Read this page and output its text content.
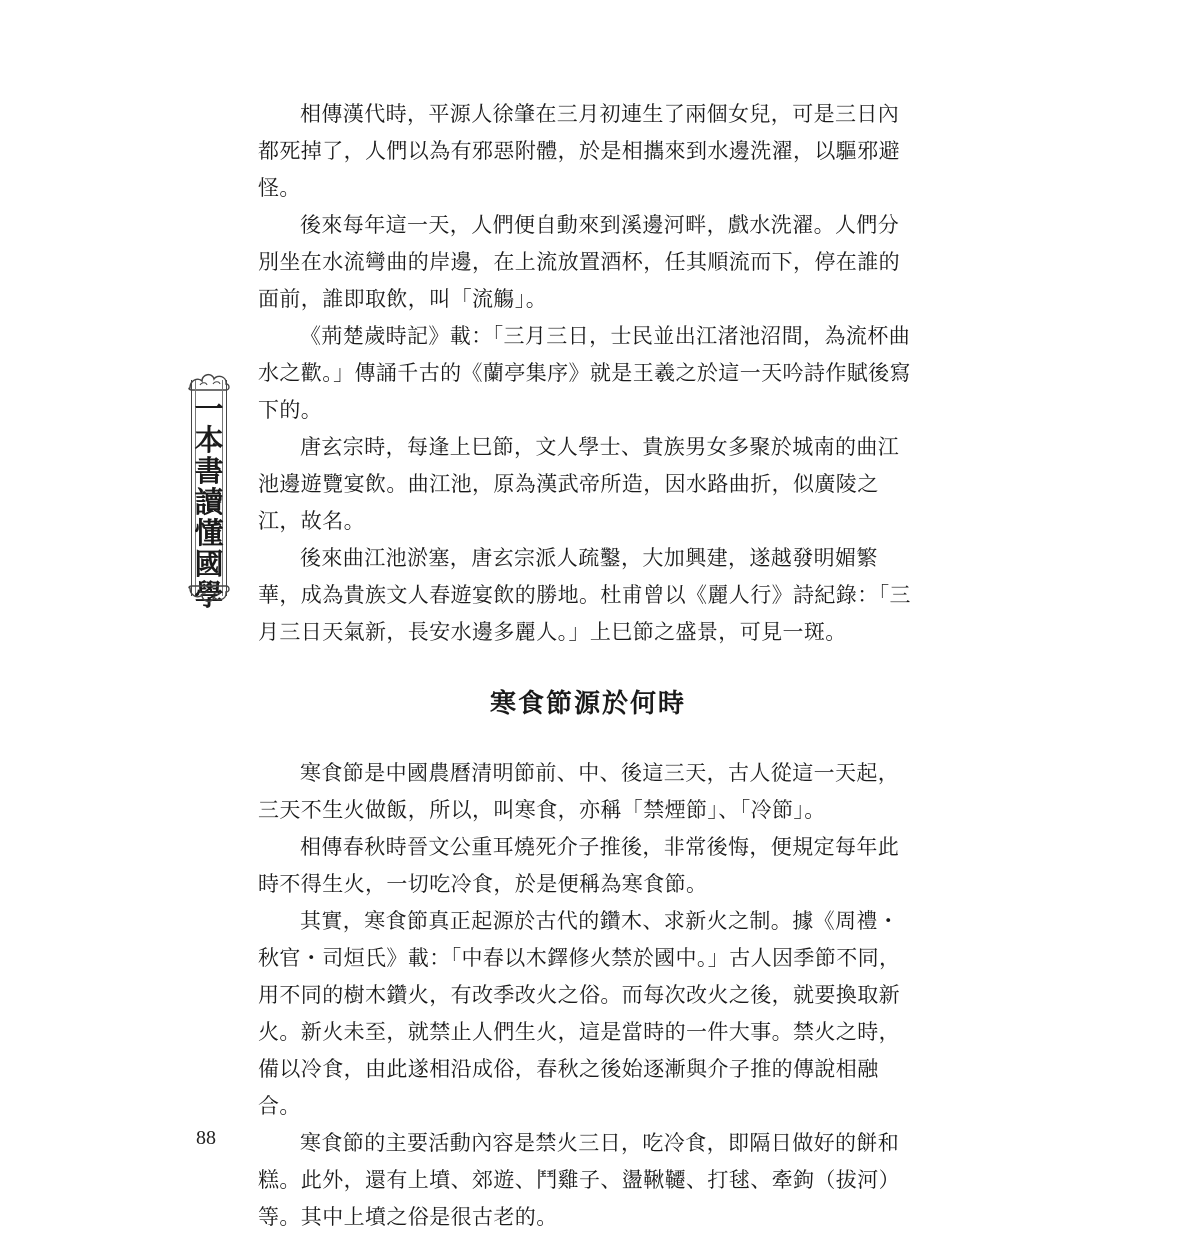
一
本
書
讀
懂
國
學

相傳漢代時，平源人徐肇在三月初連生了兩個女兒，可是三日內都死掉了，人們以為有邪惡附體，於是相攜來到水邊洗濯，以驅邪避怪。

後來每年這一天，人們便自動來到溪邊河畔，戲水洗濯。人們分別坐在水流彎曲的岸邊，在上流放置酒杯，任其順流而下，停在誰的面前，誰即取飲，叫「流觴」。

《荊楚歲時記》載：「三月三日，士民並出江渚池沼間，為流杯曲水之歡。」傳誦千古的《蘭亭集序》就是王羲之於這一天吟詩作賦後寫下的。

唐玄宗時，每逢上巳節，文人學士、貴族男女多聚於城南的曲江池邊遊覽宴飲。曲江池，原為漢武帝所造，因水路曲折，似廣陵之江，故名。

後來曲江池淤塞，唐玄宗派人疏鑿，大加興建，遂越發明媚繁華，成為貴族文人春遊宴飲的勝地。杜甫曾以《麗人行》詩紀錄：「三月三日天氣新，長安水邊多麗人。」上巳節之盛景，可見一斑。

寒食節源於何時

寒食節是中國農曆清明節前、中、後這三天，古人從這一天起，三天不生火做飯，所以，叫寒食，亦稱「禁煙節」、「冷節」。

相傳春秋時晉文公重耳燒死介子推後，非常後悔，便規定每年此時不得生火，一切吃冷食，於是便稱為寒食節。

其實，寒食節真正起源於古代的鑽木、求新火之制。據《周禮・秋官・司烜氏》載：「中春以木鐸修火禁於國中。」古人因季節不同，用不同的樹木鑽火，有改季改火之俗。而每次改火之後，就要換取新火。新火未至，就禁止人們生火，這是當時的一件大事。禁火之時，備以冷食，由此遂相沿成俗，春秋之後始逐漸與介子推的傳說相融合。

寒食節的主要活動內容是禁火三日，吃冷食，即隔日做好的餅和糕。此外，還有上墳、郊遊、鬥雞子、盪鞦韆、打毬、牽鉤（拔河）等。其中上墳之俗是很古老的。

88
